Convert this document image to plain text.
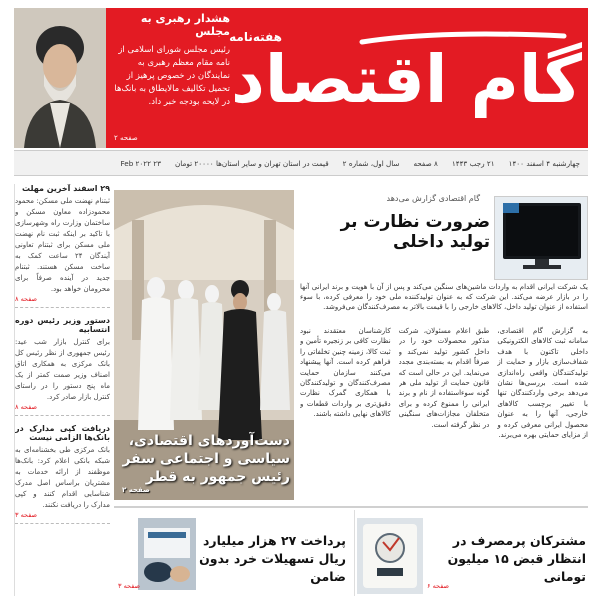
هشدار رهبری به مجلس
رئیس مجلس شورای اسلامی از نامه مقام معظم رهبری به نمایندگان در خصوص پرهیز از تحمیل تکالیف مالایطاق به بانک‌ها در لایحه بودجه خبر داد.
صفحه ۲
هفته‌نامه
گام اقتصاد
چهارشنبه ۴ اسفند ۱۴۰۰
۲۱ رجب ۱۴۴۳
۸ صفحه
سال اول، شماره ۲
قیمت در استان تهران و سایر استان‌ها ۲۰۰۰۰ تومان
۲۳ Feb ۲۰۲۲
۲۹ اسفند آخرین مهلت
ثبتنام نهضت ملی مسکن: محمود محمودزاده معاون مسکن و ساختمان وزارت راه وشهرسازی با تاکید بر اینکه ثبت نام نهضت ملی مسکن برای ثبتنام تعاونی آیندگان ۲۴ ساعت کمک به ساخت مسکن هستند. ثبتنام جدید در آینده صرفاً برای محرومان خواهد بود.
صفحه ۸
دستور وزیر رئیس دوره انتسابیه
برای کنترل بازار شب عید: رئیس جمهوری از نظر رئیس کل بانک مرکزی به همکاری اتاق اصناف وزیر صمت کمتر از یک ماه پنج دستور را در راستای کنترل بازار صادر کرد.
صفحه ۸
دریافت کپی مدارک در بانک‌ها الزامی نیست
بانک مرکزی طی بخشنامه‌ای به شبکه بانکی اعلام کرد: بانک‌ها موظفند از ارائه خدمات به مشتریان براساس اصل مدرک شناسایی اقدام کنند و کپی مدارک را دریافت نکنند.
صفحه ۳
دست‌آوردهای اقتصادی، سیاسی و اجتماعی سفر رئیس جمهور به قطر
صفحه ۲
گام اقتصادی گزارش می‌دهد
ضرورت نظارت بر تولید داخلی
یک شرکت ایرانی اقدام به واردات ماشین‌های سنگین می‌کند و پس از آن با هویت و برند ایرانی آنها را در بازار عرضه می‌کند. این شرکت که به عنوان تولیدکننده ملی خود را معرفی کرده، با سوء استفاده از عنوان تولید داخل، کالاهای خارجی را با قیمت بالاتر به مصرف‌کنندگان می‌فروشد.
به گزارش گام اقتصادی، سامانه ثبت کالاهای الکترونیکی داخلی تاکنون با هدف شفاف‌سازی بازار و حمایت از تولیدکنندگان واقعی راه‌اندازی شده است. بررسی‌ها نشان می‌دهد برخی واردکنندگان تنها با تغییر برچسب کالاهای خارجی، آنها را به عنوان محصول ایرانی معرفی کرده و از مزایای حمایتی بهره می‌برند.
طبق اعلام مسئولان، شرکت مذکور محصولات خود را در داخل کشور تولید نمی‌کند و صرفاً اقدام به بسته‌بندی مجدد می‌نماید. این در حالی است که قانون حمایت از تولید ملی هر گونه سوءاستفاده از نام و برند ایرانی را ممنوع کرده و برای متخلفان مجازات‌های سنگینی در نظر گرفته است.
کارشناسان معتقدند نبود نظارت کافی بر زنجیره تأمین و ثبت کالا، زمینه چنین تخلفاتی را فراهم کرده است. آنها پیشنهاد می‌کنند سازمان حمایت مصرف‌کنندگان و تولیدکنندگان با همکاری گمرک نظارت دقیق‌تری بر واردات قطعات و کالاهای نهایی داشته باشند.
پرداخت ۲۷ هزار میلیارد ریال تسهیلات خرد بدون ضامن
صفحه ۳
مشترکان پرمصرف در انتظار قبض ۱۵ میلیون تومانی
صفحه ۶
